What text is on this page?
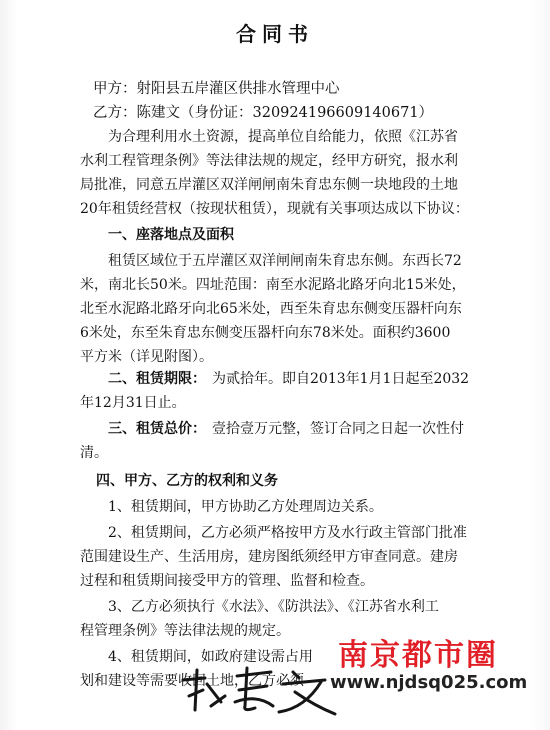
合同书
甲方：射阳县五岸灌区供排水管理中心
乙方：陈建文（身份证：320924196609140671）
为合理利用水土资源，提高单位自给能力，依照《江苏省
水利工程管理条例》等法律法规的规定，经甲方研究，报水利
局批准，同意五岸灌区双洋闸闸南朱育忠东侧一块地段的土地
20年租赁经营权（按现状租赁），现就有关事项达成以下协议：
一、座落地点及面积
租赁区域位于五岸灌区双洋闸闸南朱育忠东侧。东西长72
米，南北长50米。四址范围：南至水泥路北路牙向北15米处，
北至水泥路北路牙向北65米处，西至朱育忠东侧变压器杆向东
6米处，东至朱育忠东侧变压器杆向东78米处。面积约3600
平方米（详见附图）。
二、租赁期限： 为贰拾年。即自2013年1月1日起至2032
年12月31日止。
三、租赁总价： 壹拾壹万元整，签订合同之日起一次性付
清。
四、甲方、乙方的权利和义务
1、租赁期间，甲方协助乙方处理周边关系。
2、租赁期间，乙方必须严格按甲方及水行政主管部门批准
范围建设生产、生活用房，建房图纸须经甲方审查同意。建房
过程和租赁期间接受甲方的管理、监督和检查。
3、乙方必须执行《水法》、《防洪法》、《江苏省水利工
程管理条例》等法律法规的规定。
4、租赁期间，如政府建设需占用
划和建设等需要收回土地，乙方必须
南京都市圈
www.njdsq025.com
